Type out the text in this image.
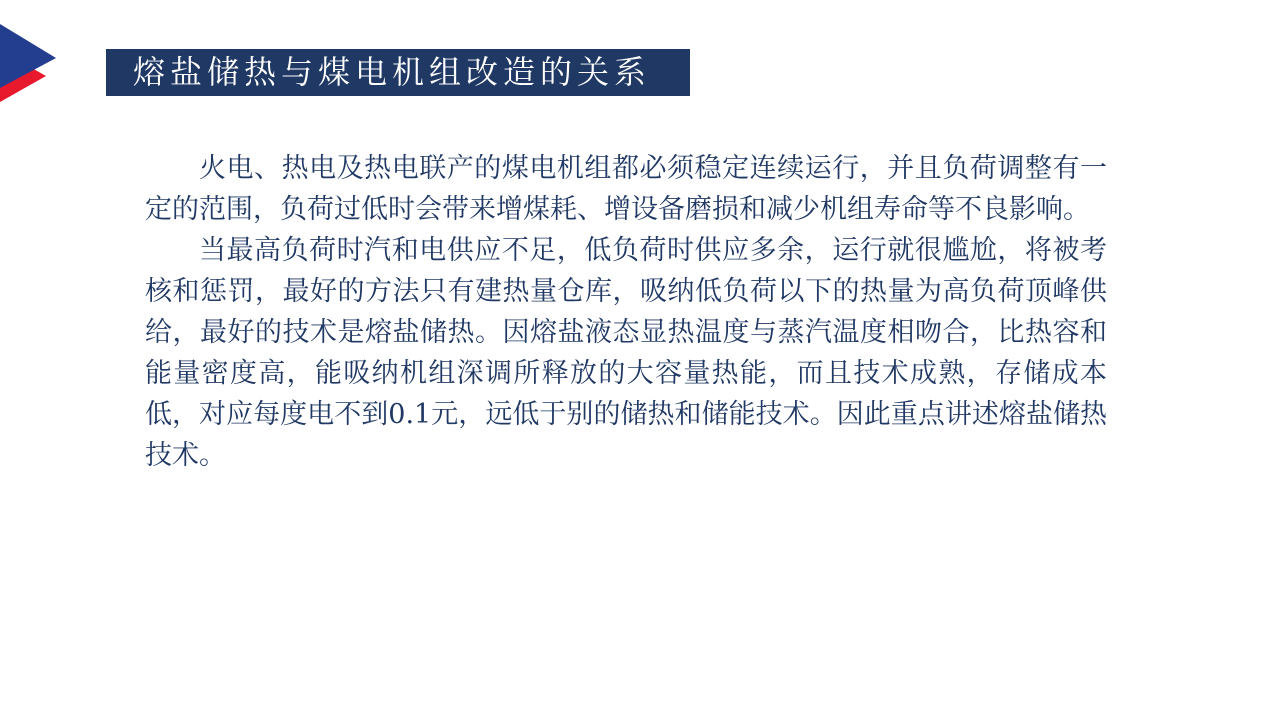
熔盐储热与煤电机组改造的关系

火电、热电及热电联产的煤电机组都必须稳定连续运行，并且负荷调整有一定的范围，负荷过低时会带来增煤耗、增设备磨损和减少机组寿命等不良影响。

当最高负荷时汽和电供应不足，低负荷时供应多余，运行就很尴尬，将被考核和惩罚，最好的方法只有建热量仓库，吸纳低负荷以下的热量为高负荷顶峰供给，最好的技术是熔盐储热。因熔盐液态显热温度与蒸汽温度相吻合，比热容和能量密度高，能吸纳机组深调所释放的大容量热能，而且技术成熟，存储成本低，对应每度电不到0.1元，远低于别的储热和储能技术。因此重点讲述熔盐储热技术。
